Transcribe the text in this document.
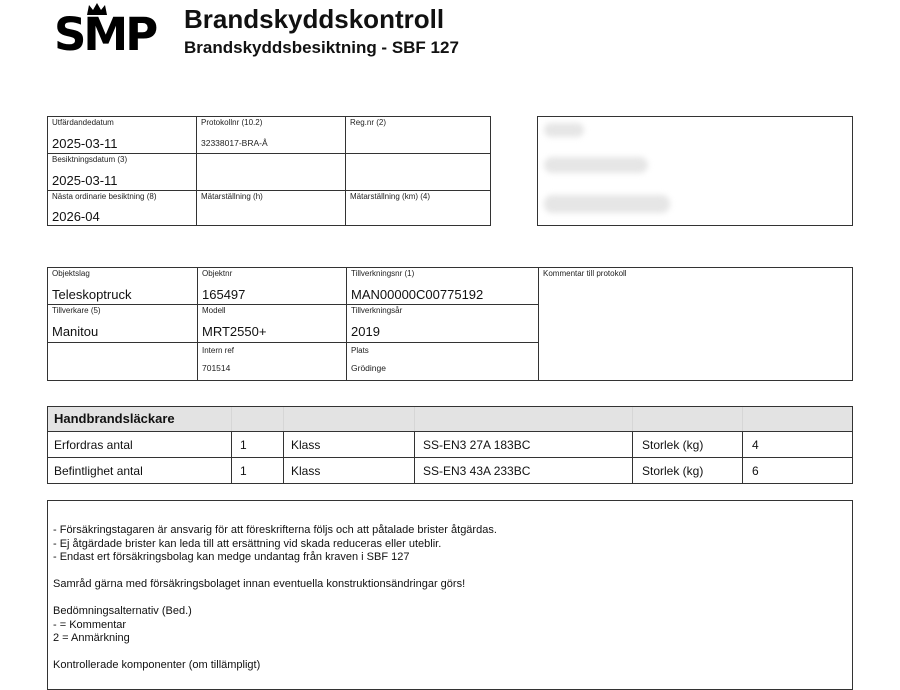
SMP Brandskyddskontroll
Brandskyddsbesiktning - SBF 127
Utfärdandedatum
2025-03-11
Protokollnr (10.2)
32338017-BRA-Å
Reg.nr (2)
Besiktningsdatum (3)
2025-03-11
Nästa ordinarie besiktning (8)
2026-04
Mätarställning (h)	Mätarställning (km) (4)
Objektslag
Teleskoptruck
Objektnr
165497
Tillverkningsnr (1)
MAN00000C00775192
Kommentar till protokoll
Tillverkare (5)
Manitou
Modell
MRT2550+
Tillverkningsår
2019
Intern ref
701514
Plats
Grödinge
Handbrandsläckare
Erfordras antal	1	Klass	SS-EN3 27A 183BC	Storlek (kg)	4
Befintlighet antal	1	Klass	SS-EN3 43A 233BC	Storlek (kg)	6
- Försäkringstagaren är ansvarig för att föreskrifterna följs och att påtalade brister åtgärdas.
- Ej åtgärdade brister kan leda till att ersättning vid skada reduceras eller uteblir.
- Endast ert försäkringsbolag kan medge undantag från kraven i SBF 127
Samråd gärna med försäkringsbolaget innan eventuella konstruktionsändringar görs!
Bedömningsalternativ (Bed.)
- = Kommentar
2 = Anmärkning
Kontrollerade komponenter (om tillämpligt)
